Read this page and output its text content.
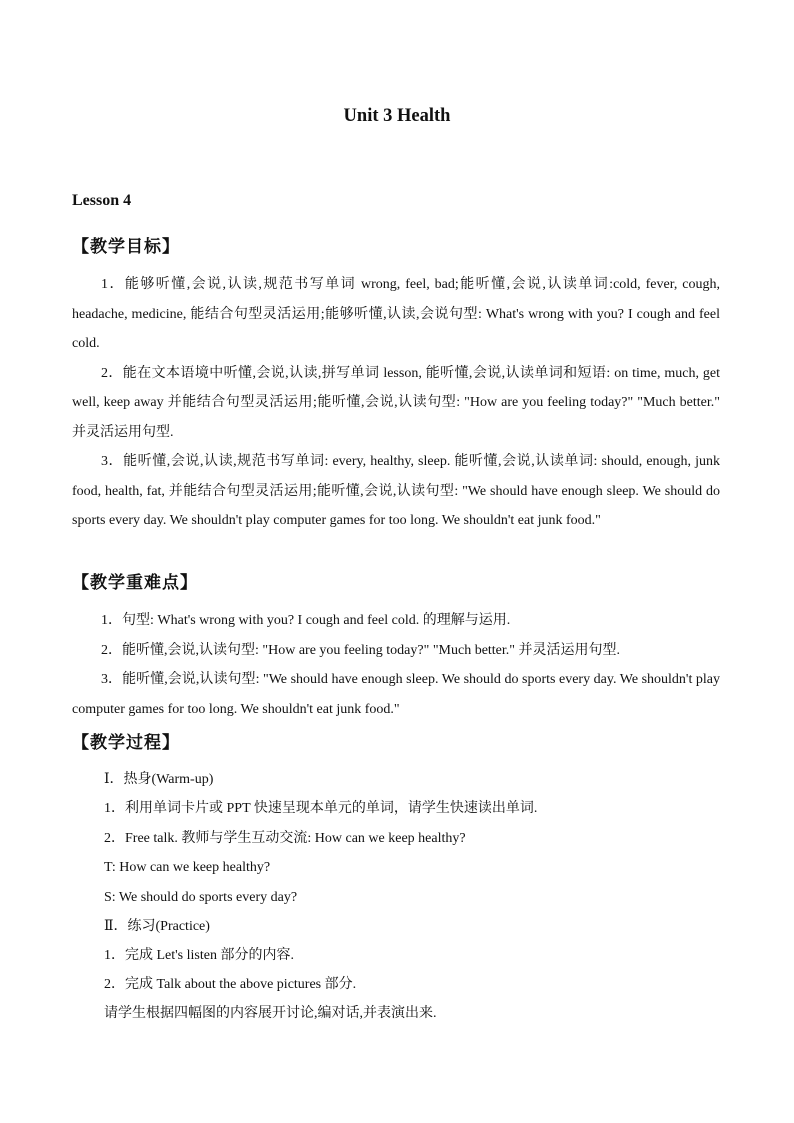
Unit 3 Health
Lesson 4
【教学目标】

1．能够听懂,会说,认读,规范书写单词 wrong, feel, bad;能听懂,会说,认读单词:cold, fever, cough, headache, medicine, 能结合句型灵活运用;能够听懂,认读,会说句型: What's wrong with you? I cough and feel cold.

2．能在文本语境中听懂,会说,认读,拼写单词 lesson, 能听懂,会说,认读单词和短语: on time, much, get well, keep away 并能结合句型灵活运用;能听懂,会说,认读句型: "How are you feeling today?" "Much better." 并灵活运用句型.

3．能听懂,会说,认读,规范书写单词: every, healthy, sleep. 能听懂,会说,认读单词: should, enough, junk food, health, fat, 并能结合句型灵活运用;能听懂,会说,认读句型: "We should have enough sleep. We should do sports every day. We shouldn't play computer games for too long. We shouldn't eat junk food."

【教学重难点】

1．句型: What's wrong with you? I cough and feel cold. 的理解与运用.

2．能听懂,会说,认读句型: "How are you feeling today?" "Much better." 并灵活运用句型.

3．能听懂,会说,认读句型: "We should have enough sleep. We should do sports every day. We shouldn't play computer games for too long. We shouldn't eat junk food."

【教学过程】
Ⅰ．热身(Warm-up)
1．利用单词卡片或 PPT 快速呈现本单元的单词，请学生快速读出单词.
2．Free talk. 教师与学生互动交流: How can we keep healthy?
T: How can we keep healthy?
S: We should do sports every day?
Ⅱ．练习(Practice)
1．完成 Let's listen 部分的内容.
2．完成 Talk about the above pictures 部分.
请学生根据四幅图的内容展开讨论,编对话,并表演出来.
